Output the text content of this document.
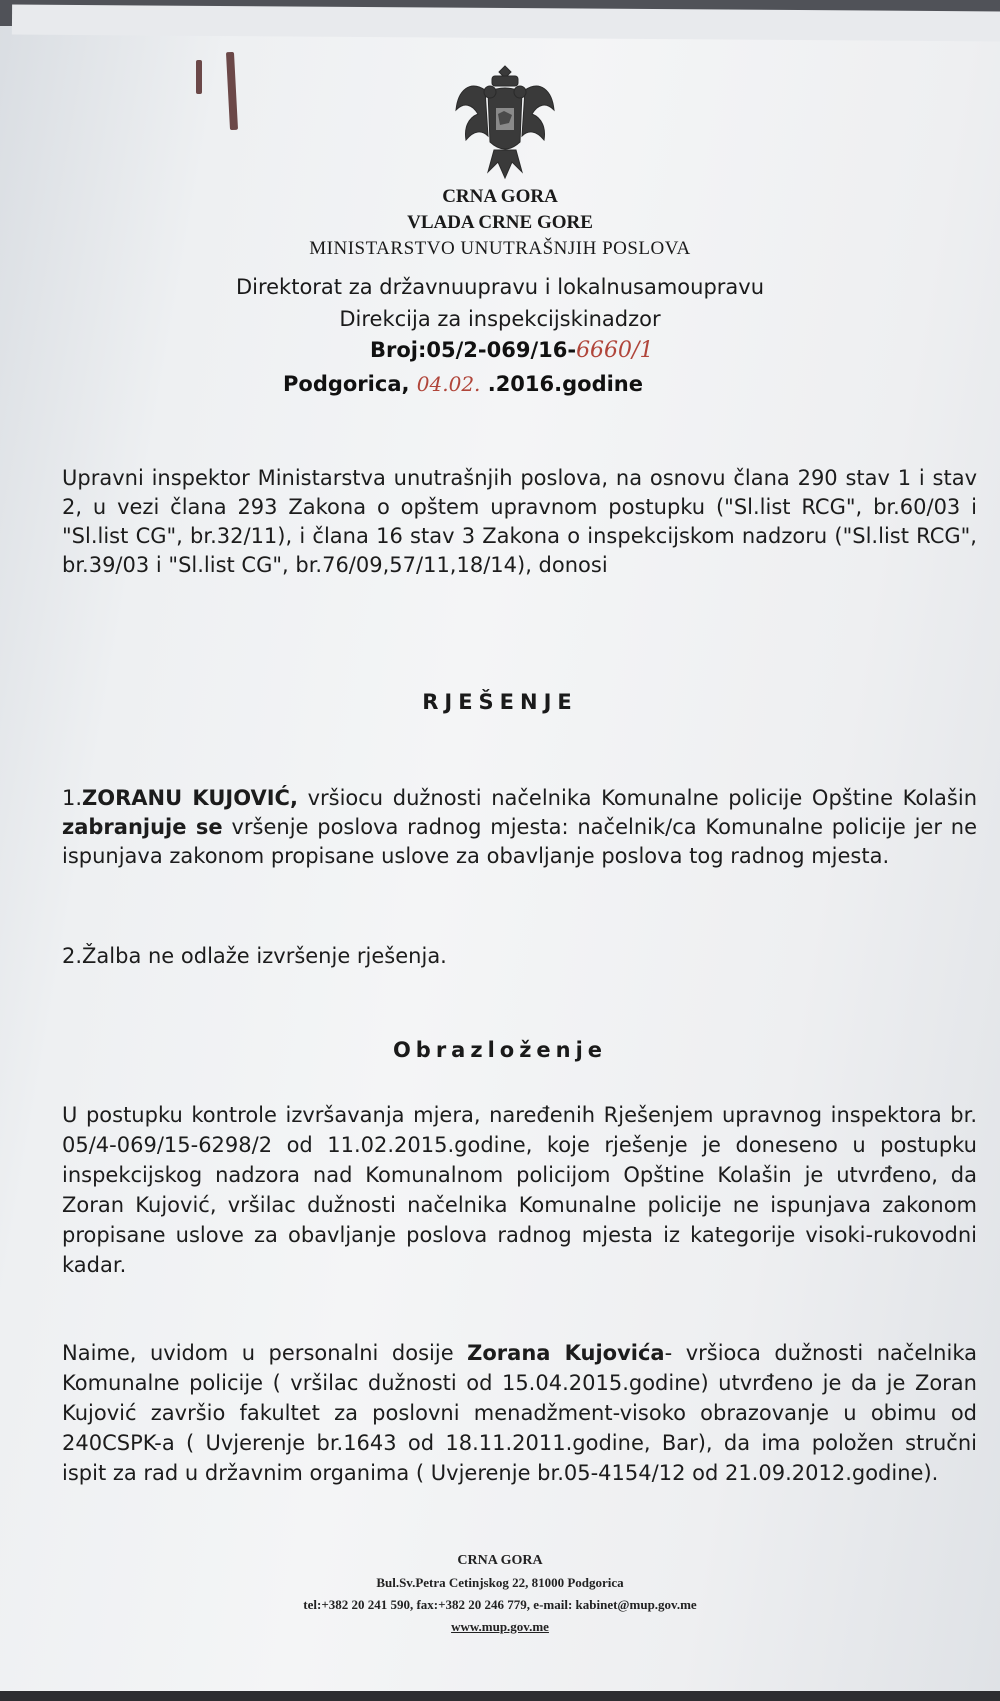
CRNA GORA
VLADA CRNE GORE
MINISTARSTVO UNUTRAŠNJIH POSLOVA
Direktorat za državnuupravu i lokalnusamoupravu
Direkcija za inspekcijskinadzor
Broj:05/2-069/16-6660/1
Podgorica, 04.02. .2016.godine
Upravni inspektor Ministarstva unutrašnjih poslova, na osnovu člana 290 stav 1 i stav 2, u vezi člana 293 Zakona o opštem upravnom postupku ("Sl.list RCG", br.60/03 i "Sl.list CG", br.32/11), i člana 16 stav 3 Zakona o inspekcijskom nadzoru ("Sl.list RCG", br.39/03 i "Sl.list CG", br.76/09,57/11,18/14), donosi
RJEŠENJE
1.ZORANU KUJOVIĆ, vršiocu dužnosti načelnika Komunalne policije Opštine Kolašin zabranjuje se vršenje poslova radnog mjesta: načelnik/ca Komunalne policije jer ne ispunjava zakonom propisane uslove za obavljanje poslova tog radnog mjesta.
2.Žalba ne odlaže izvršenje rješenja.
Obrazloženje
U postupku kontrole izvršavanja mjera, naređenih Rješenjem upravnog inspektora br. 05/4-069/15-6298/2 od 11.02.2015.godine, koje rješenje je doneseno u postupku inspekcijskog nadzora nad Komunalnom policijom Opštine Kolašin je utvrđeno, da Zoran Kujović, vršilac dužnosti načelnika Komunalne policije ne ispunjava zakonom propisane uslove za obavljanje poslova radnog mjesta iz kategorije visoki-rukovodni kadar.
Naime, uvidom u personalni dosije Zorana Kujovića- vršioca dužnosti načelnika Komunalne policije ( vršilac dužnosti od 15.04.2015.godine) utvrđeno je da je Zoran Kujović završio fakultet za poslovni menadžment-visoko obrazovanje u obimu od 240CSPK-a ( Uvjerenje br.1643 od 18.11.2011.godine, Bar), da ima položen stručni ispit za rad u državnim organima ( Uvjerenje br.05-4154/12 od 21.09.2012.godine).
CRNA GORA
Bul.Sv.Petra Cetinjskog 22, 81000 Podgorica
tel:+382 20 241 590, fax:+382 20 246 779, e-mail: kabinet@mup.gov.me
www.mup.gov.me
